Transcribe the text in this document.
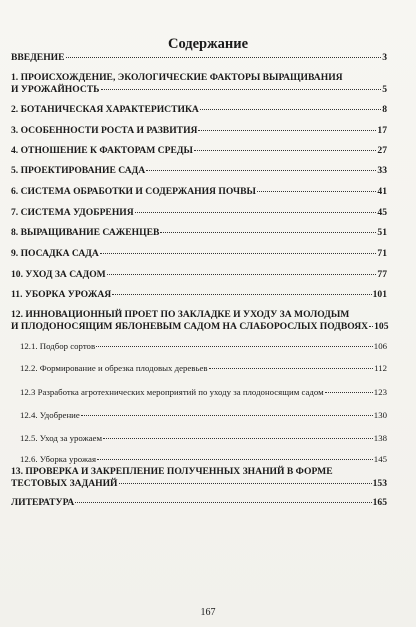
Содержание
ВВЕДЕНИЕ	3
1. ПРОИСХОЖДЕНИЕ, ЭКОЛОГИЧЕСКИЕ ФАКТОРЫ ВЫРАЩИВАНИЯ
И УРОЖАЙНОСТЬ	5
2. БОТАНИЧЕСКАЯ ХАРАКТЕРИСТИКА	8
3. ОСОБЕННОСТИ РОСТА И РАЗВИТИЯ	17
4. ОТНОШЕНИЕ К ФАКТОРАМ СРЕДЫ	27
5. ПРОЕКТИРОВАНИЕ САДА	33
6. СИСТЕМА ОБРАБОТКИ И СОДЕРЖАНИЯ ПОЧВЫ	41
7. СИСТЕМА УДОБРЕНИЯ	45
8. ВЫРАЩИВАНИЕ САЖЕНЦЕВ	51
9. ПОСАДКА САДА	71
10. УХОД ЗА САДОМ	77
11. УБОРКА УРОЖАЯ	101
12. ИННОВАЦИОННЫЙ ПРОЕТ ПО ЗАКЛАДКЕ И УХОДУ ЗА МОЛОДЫМ
И ПЛОДОНОСЯЩИМ ЯБЛОНЕВЫМ САДОМ НА СЛАБОРОСЛЫХ ПОДВОЯХ 105
12.1. Подбор сортов	106
12.2. Формирование и обрезка плодовых деревьев	112
12.3 Разработка агротехнических мероприятий по уходу за плодоносящим садом	123
12.4. Удобрение	130
12.5. Уход за урожаем	138
12.6. Уборка урожая	145
13. ПРОВЕРКА И ЗАКРЕПЛЕНИЕ ПОЛУЧЕННЫХ ЗНАНИЙ В ФОРМЕ
ТЕСТОВЫХ ЗАДАНИЙ	153
ЛИТЕРАТУРА	165
167
